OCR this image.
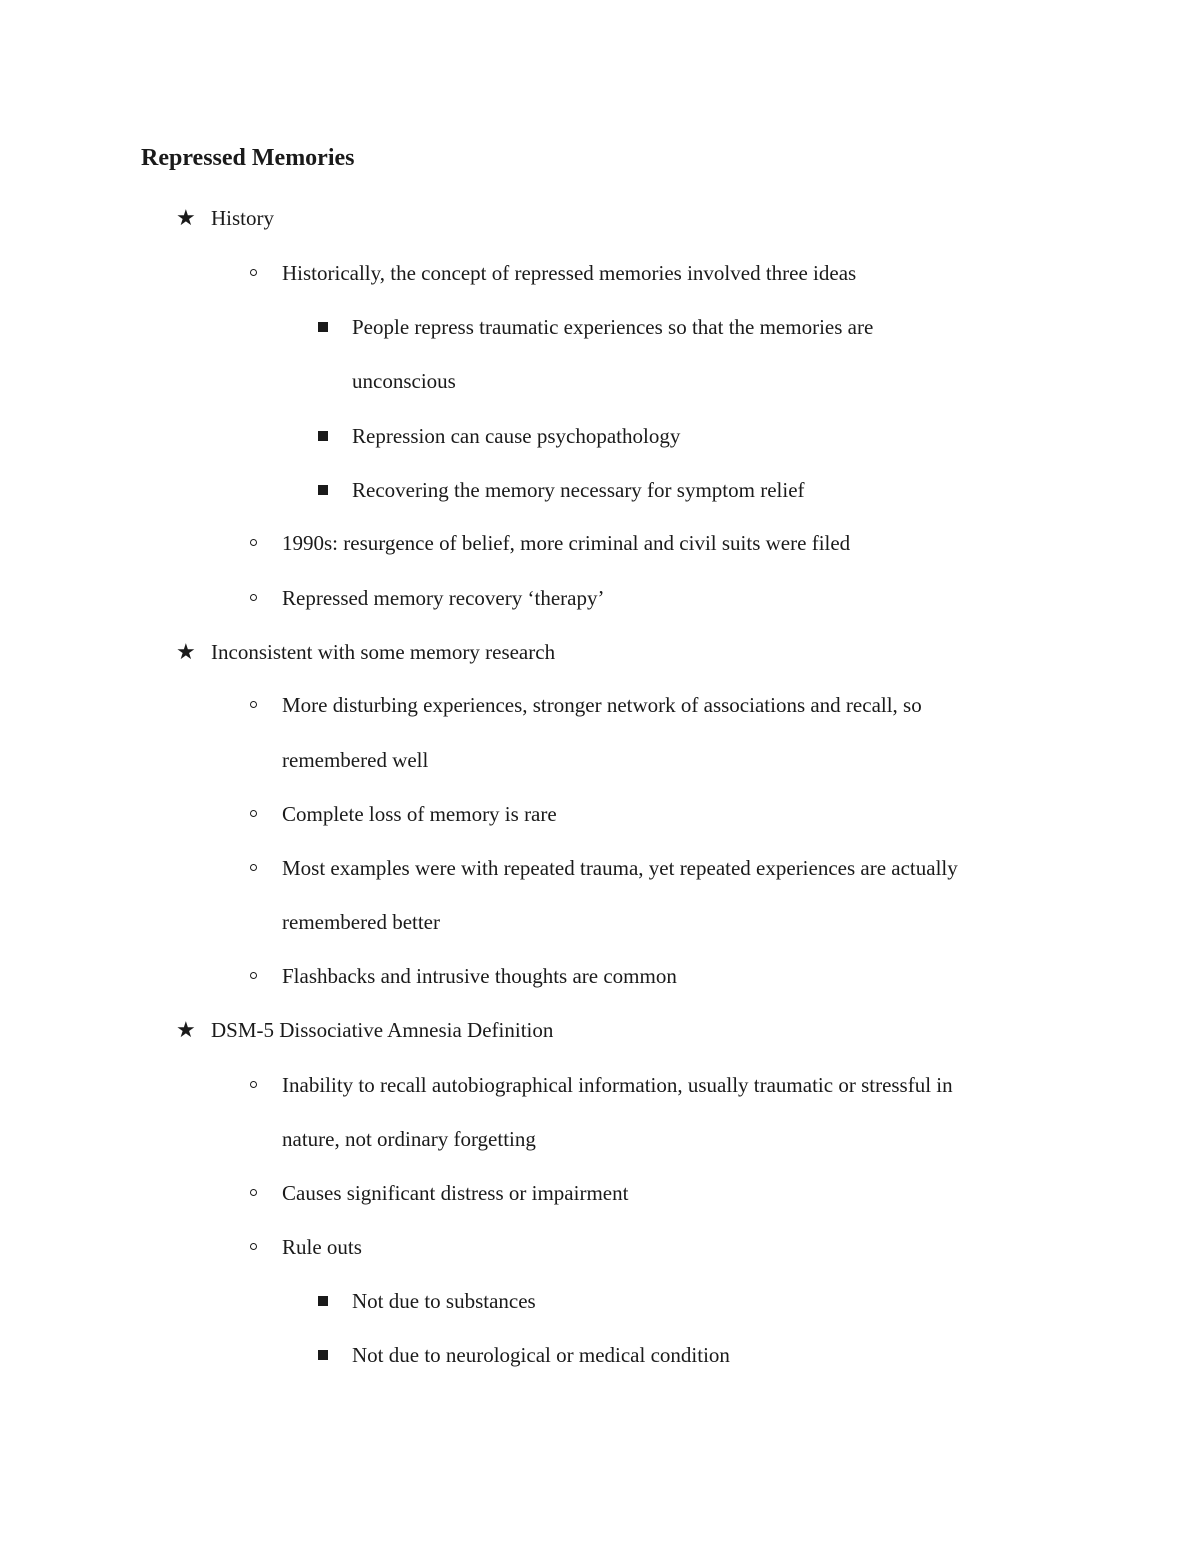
Repressed Memories
★ History
Historically, the concept of repressed memories involved three ideas
People repress traumatic experiences so that the memories are
unconscious
Repression can cause psychopathology
Recovering the memory necessary for symptom relief
1990s: resurgence of belief, more criminal and civil suits were filed
Repressed memory recovery ‘therapy’
★ Inconsistent with some memory research
More disturbing experiences, stronger network of associations and recall, so
remembered well
Complete loss of memory is rare
Most examples were with repeated trauma, yet repeated experiences are actually
remembered better
Flashbacks and intrusive thoughts are common
★ DSM-5 Dissociative Amnesia Definition
Inability to recall autobiographical information, usually traumatic or stressful in
nature, not ordinary forgetting
Causes significant distress or impairment
Rule outs
Not due to substances
Not due to neurological or medical condition
